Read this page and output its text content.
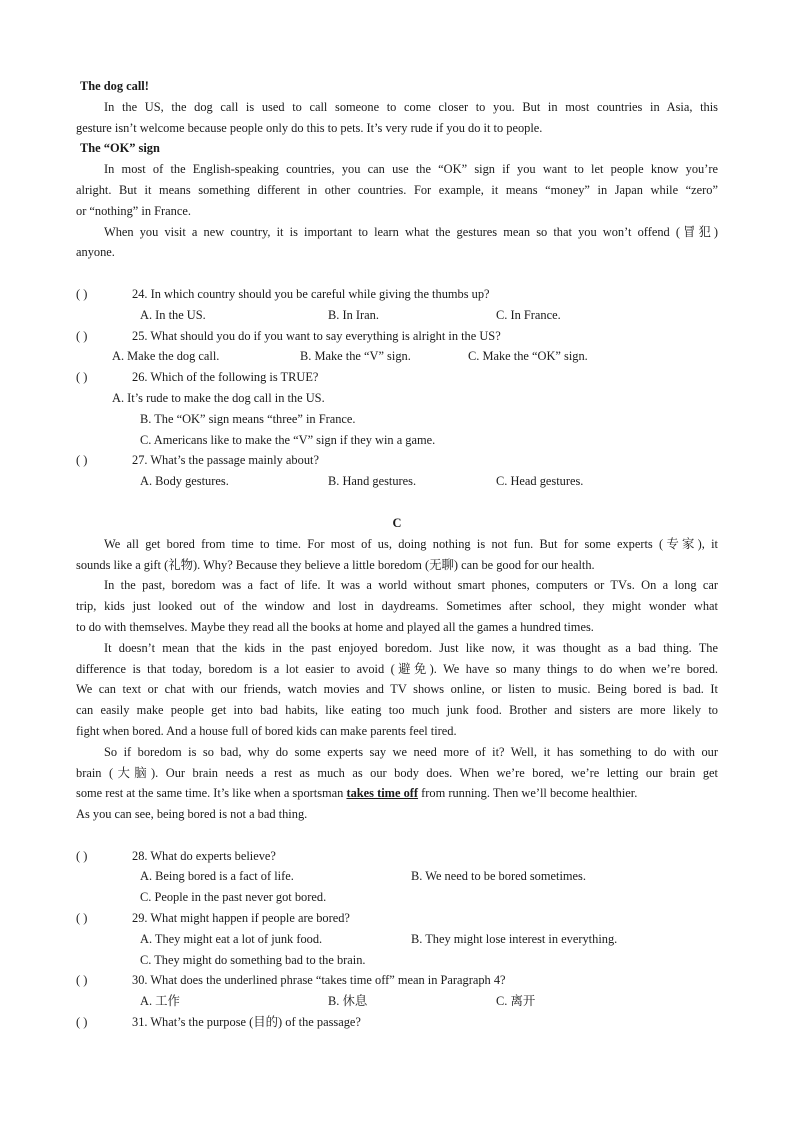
The dog call!
In the US, the dog call is used to call someone to come closer to you. But in most countries in Asia, this
gesture isn’t welcome because people only do this to pets. It’s very rude if you do it to people.
The “OK” sign
In most of the English-speaking countries, you can use the “OK” sign if you want to let people know you’re
alright. But it means something different in other countries. For example, it means “money” in Japan while “zero”
or “nothing” in France.
When you visit a new country, it is important to learn what the gestures mean so that you won’t offend (冒犯)
anyone.
( )	24. In which country should you be careful while giving the thumbs up?
A. In the US.	B. In Iran.	C. In France.
( )	25. What should you do if you want to say everything is alright in the US?
A. Make the dog call.	B. Make the “V” sign.	C. Make the “OK” sign.
( )	26. Which of the following is TRUE?
A. It’s rude to make the dog call in the US.
B. The “OK” sign means “three” in France.
C. Americans like to make the “V” sign if they win a game.
( )	27. What’s the passage mainly about?
A. Body gestures.	B. Hand gestures.	C. Head gestures.
C
We all get bored from time to time. For most of us, doing nothing is not fun. But for some experts (专家), it
sounds like a gift (礼物). Why? Because they believe a little boredom (无聊) can be good for our health.
In the past, boredom was a fact of life. It was a world without smart phones, computers or TVs. On a long car
trip, kids just looked out of the window and lost in daydreams. Sometimes after school, they might wonder what
to do with themselves. Maybe they read all the books at home and played all the games a hundred times.
It doesn’t mean that the kids in the past enjoyed boredom. Just like now, it was thought as a bad thing. The
difference is that today, boredom is a lot easier to avoid (避免). We have so many things to do when we’re bored.
We can text or chat with our friends, watch movies and TV shows online, or listen to music. Being bored is bad. It
can easily make people get into bad habits, like eating too much junk food. Brother and sisters are more likely to
fight when bored. And a house full of bored kids can make parents feel tired.
So if boredom is so bad, why do some experts say we need more of it? Well, it has something to do with our
brain (大脑). Our brain needs a rest as much as our body does. When we’re bored, we’re letting our brain get
some rest at the same time. It’s like when a sportsman takes time off from running. Then we’ll become healthier.
As you can see, being bored is not a bad thing.
( )	28. What do experts believe?
A. Being bored is a fact of life.	B. We need to be bored sometimes.
C. People in the past never got bored.
( )	29. What might happen if people are bored?
A. They might eat a lot of junk food.	B. They might lose interest in everything.
C. They might do something bad to the brain.
( )	30. What does the underlined phrase “takes time off” mean in Paragraph 4?
A. 工作	B. 休息	C. 离开
( )	31. What’s the purpose (目的) of the passage?
